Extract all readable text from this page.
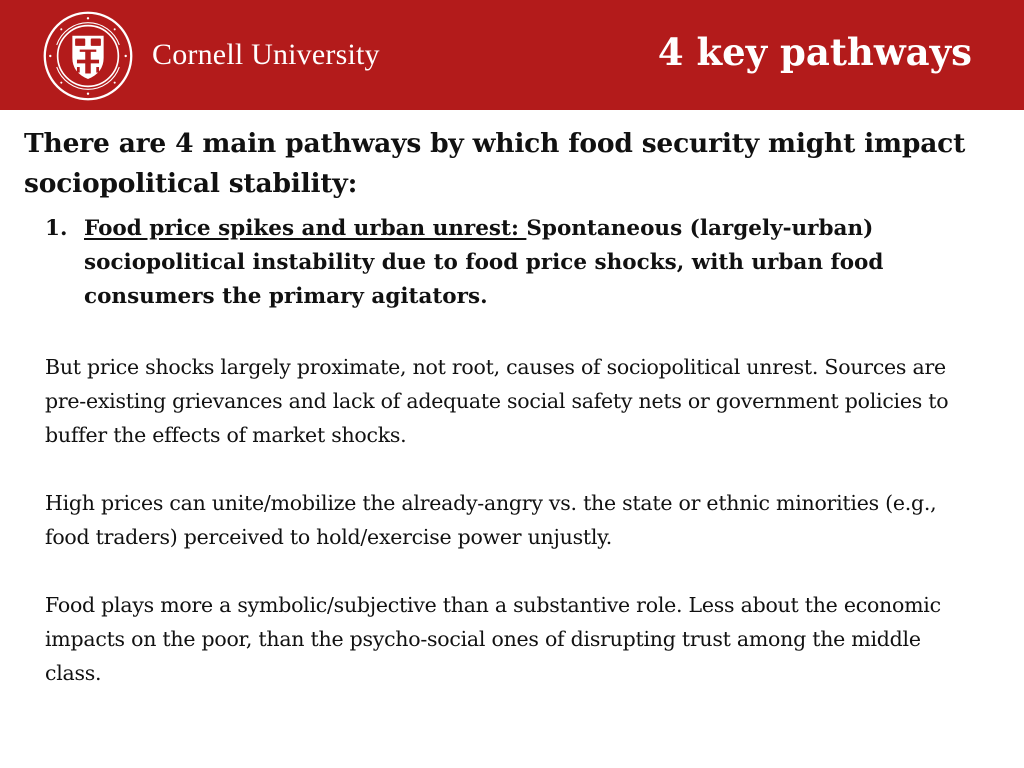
Cornell University	4 key pathways

There are 4 main pathways by which food security might impact sociopolitical stability:

1. Food price spikes and urban unrest: Spontaneous (largely-urban) sociopolitical instability due to food price shocks, with urban food consumers the primary agitators.

But price shocks largely proximate, not root, causes of sociopolitical unrest. Sources are pre-existing grievances and lack of adequate social safety nets or government policies to buffer the effects of market shocks.

High prices can unite/mobilize the already-angry vs. the state or ethnic minorities (e.g., food traders) perceived to hold/exercise power unjustly.

Food plays more a symbolic/subjective than a substantive role. Less about the economic impacts on the poor, than the psycho-social ones of disrupting trust among the middle class.
